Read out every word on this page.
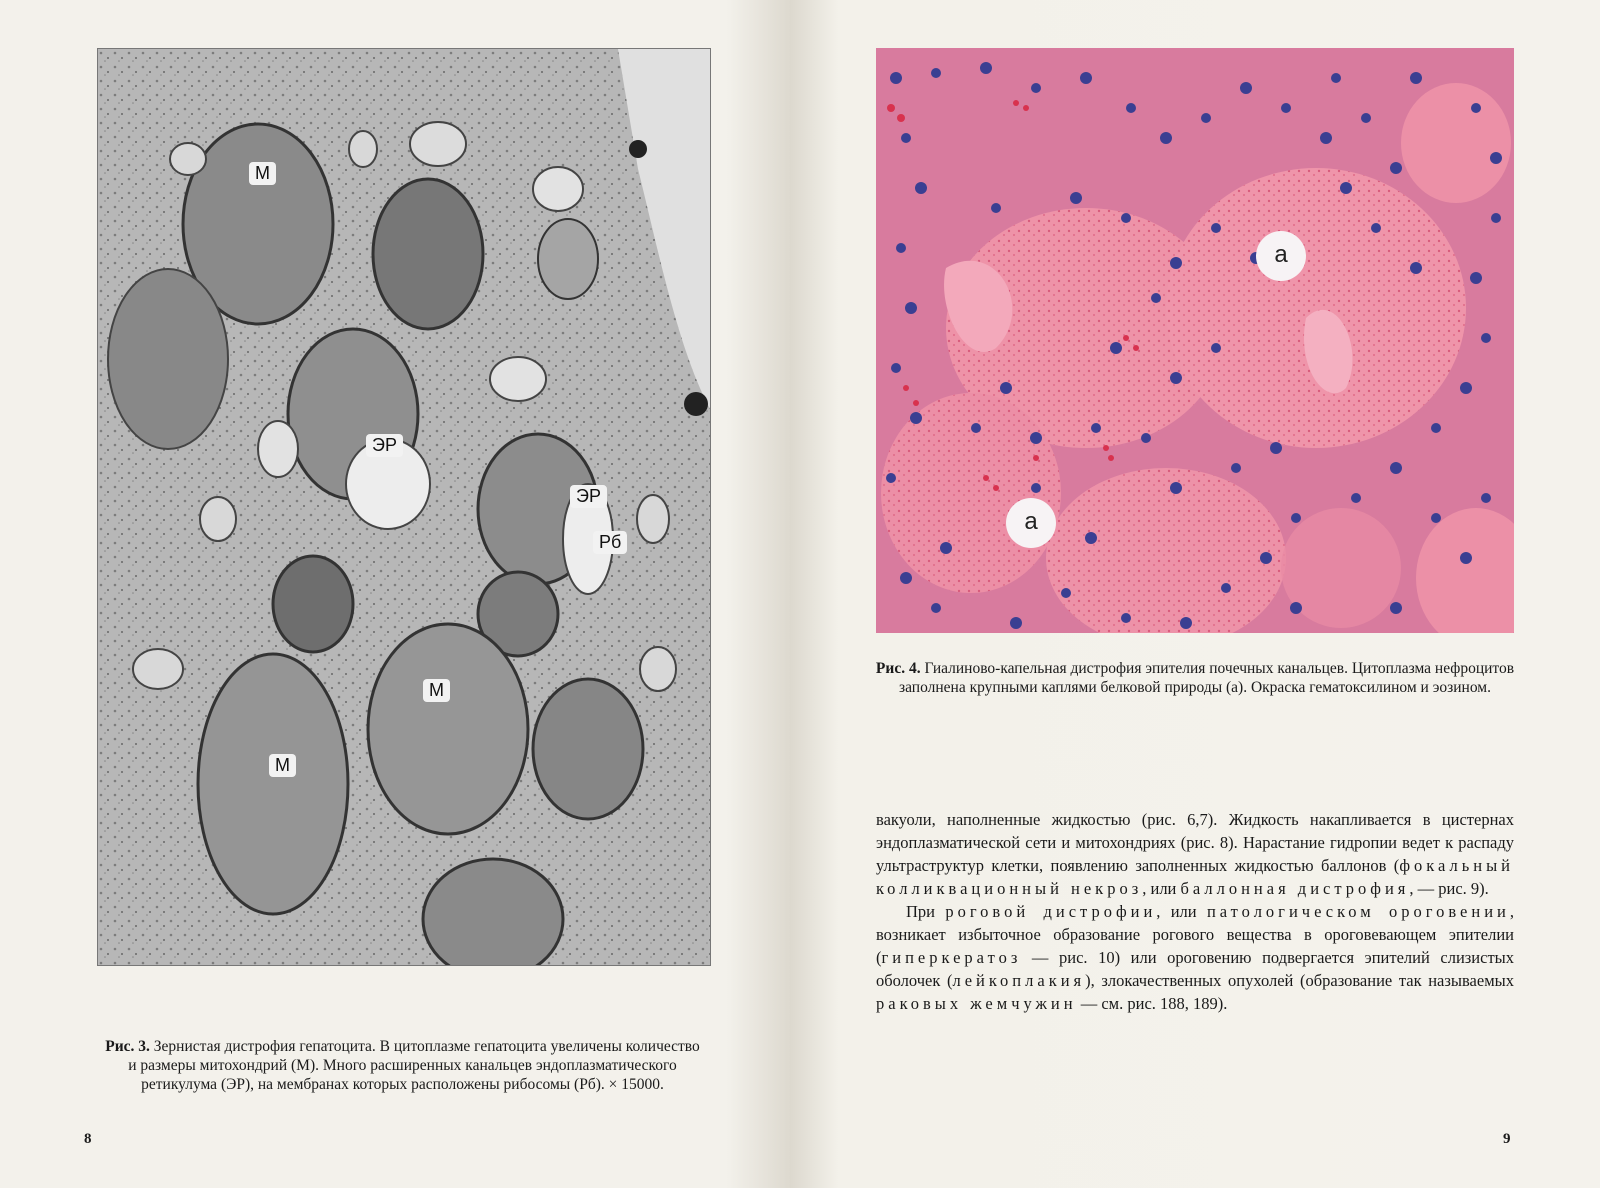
М
М
М
ЭР
ЭР
Рб
Рис. 3. Зернистая дистрофия гепатоцита. В цитоплазме гепатоцита увеличены количество и размеры митохондрий (М). Много расширенных канальцев эндоплазматического ретикулума (ЭР), на мембранах которых расположены рибосомы (Рб). × 15000.
8
а
а
Рис. 4. Гиалиново-капельная дистрофия эпителия почечных канальцев. Цитоплазма нефроцитов заполнена крупными каплями белковой природы (а). Окраска гематоксилином и эозином.

вакуоли, наполненные жидкостью (рис. 6,7). Жидкость накапливается в цистернах эндоплазматической сети и митохондриях (рис. 8). Нарастание гидропии ведет к распаду ультраструктур клетки, появлению заполненных жидкостью баллонов (фокальный колликвационный некроз, или баллонная дистрофия, — рис. 9).

При роговой дистрофии, или патологическом ороговении, возникает избыточное образование рогового вещества в ороговевающем эпителии (гиперкератоз — рис. 10) или ороговению подвергается эпителий слизистых оболочек (лейкоплакия), злокачественных опухолей (образование так называемых раковых жемчужин — см. рис. 188, 189).

9
